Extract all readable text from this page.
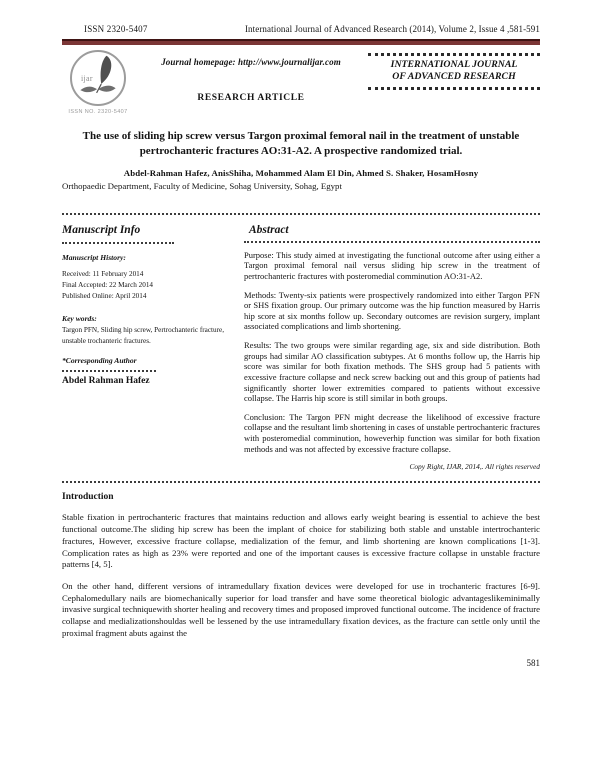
ISSN 2320-5407	International Journal of Advanced Research (2014), Volume 2, Issue 4 ,581-591
ijar
ISSN NO. 2320-5407
Journal homepage: http://www.journalijar.com
RESEARCH ARTICLE
INTERNATIONAL JOURNAL
OF ADVANCED RESEARCH
The use of sliding hip screw versus Targon proximal femoral nail in the treatment of unstable pertrochanteric fractures AO:31-A2. A prospective randomized trial.
Abdel-Rahman Hafez, AnisShiha, Mohammed Alam El Din, Ahmed S. Shaker, HosamHosny
Orthopaedic Department, Faculty of Medicine, Sohag University, Sohag, Egypt
Manuscript Info
Manuscript History:
Received: 11 February 2014
Final Accepted: 22 March 2014
Published Online: April 2014
Key words:
Targon PFN, Sliding hip screw, Pertrochanteric fracture, unstable trochanteric fractures.
*Corresponding Author
Abdel Rahman Hafez
Abstract

Purpose: This study aimed at investigating the functional outcome after using either a Targon proximal femoral nail versus sliding hip screw in the treatment of pertrochanteric fractures with posteromedial comminution AO:31-A2.

Methods: Twenty-six patients were prospectively randomized into either Targon PFN or SHS fixation group. Our primary outcome was the hip function measured by Harris hip score at six months follow up. Secondary outcomes are revision surgery, implant associated complications and limb shortening.

Results: The two groups were similar regarding age, six and side distribution. Both groups had similar AO classification subtypes. At 6 months follow up, the Harris hip score was similar for both fixation methods. The SHS group had 5 patients with excessive fracture collapse and neck screw backing out and this group of patients had significantly shorter lower extremities compared to patients without excessive collapse. The Harris hip score is still similar in both groups.

Conclusion: The Targon PFN might decrease the likelihood of excessive fracture collapse and the resultant limb shortening in cases of unstable pertrochanteric fractures with posteromedial comminution, howeverhip function was similar for both fixation methods and was not affected by excessive fracture collapse.

Copy Right, IJAR, 2014,. All rights reserved
Introduction

Stable fixation in pertrochanteric fractures that maintains reduction and allows early weight bearing is essential to achieve the best functional outcome.The sliding hip screw has been the implant of choice for stabilizing both stable and unstable intertrochanteric fractures, However, excessive fracture collapse, medialization of the femur, and limb shortening are known complications [1-3]. Complication rates as high as 23% were reported and one of the important causes is excessive fracture collapse in unstable fracture patterns [4, 5].

On the other hand, different versions of intramedullary fixation devices were developed for use in trochanteric fractures [6-9]. Cephalomedullary nails are biomechanically superior for load transfer and have some theoretical biologic advantageslikeminimally invasive surgical techniquewith shorter healing and recovery times and proposed improved functional outcome. The incidence of fracture collapse and medializationshouldas well be lessened by the use intramedullary fixation devices, as the fracture can settle only until the proximal fragment abuts against the

581
